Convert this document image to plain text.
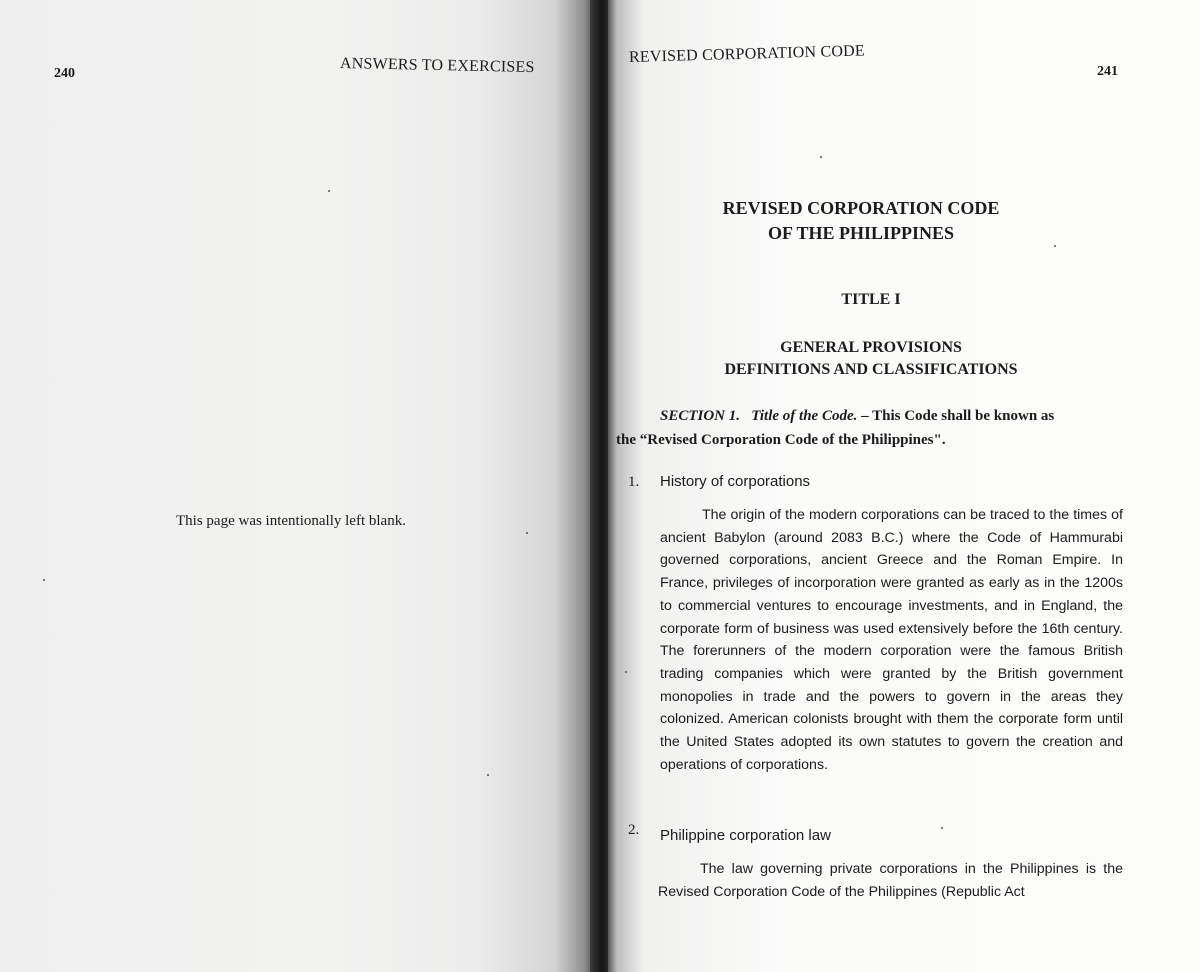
240	ANSWERS TO EXERCISES
This page was intentionally left blank.
REVISED CORPORATION CODE
241
REVISED CORPORATION CODE
OF THE PHILIPPINES
TITLE I
GENERAL PROVISIONS
DEFINITIONS AND CLASSIFICATIONS
SECTION 1. Title of the Code. – This Code shall be known as
the “Revised Corporation Code of the Philippines".
1. History of corporations
The origin of the modern corporations can be traced to the times of ancient Babylon (around 2083 B.C.) where the Code of Hammurabi governed corporations, ancient Greece and the Roman Empire. In France, privileges of incorporation were granted as early as in the 1200s to commercial ventures to encourage investments, and in England, the corporate form of business was used extensively before the 16th century. The forerunners of the modern corporation were the famous British trading companies which were granted by the British government monopolies in trade and the powers to govern in the areas they colonized. American colonists brought with them the corporate form until the United States adopted its own statutes to govern the creation and operations of corporations.
2. Philippine corporation law
The law governing private corporations in the Philippines is the Revised Corporation Code of the Philippines (Republic Act
